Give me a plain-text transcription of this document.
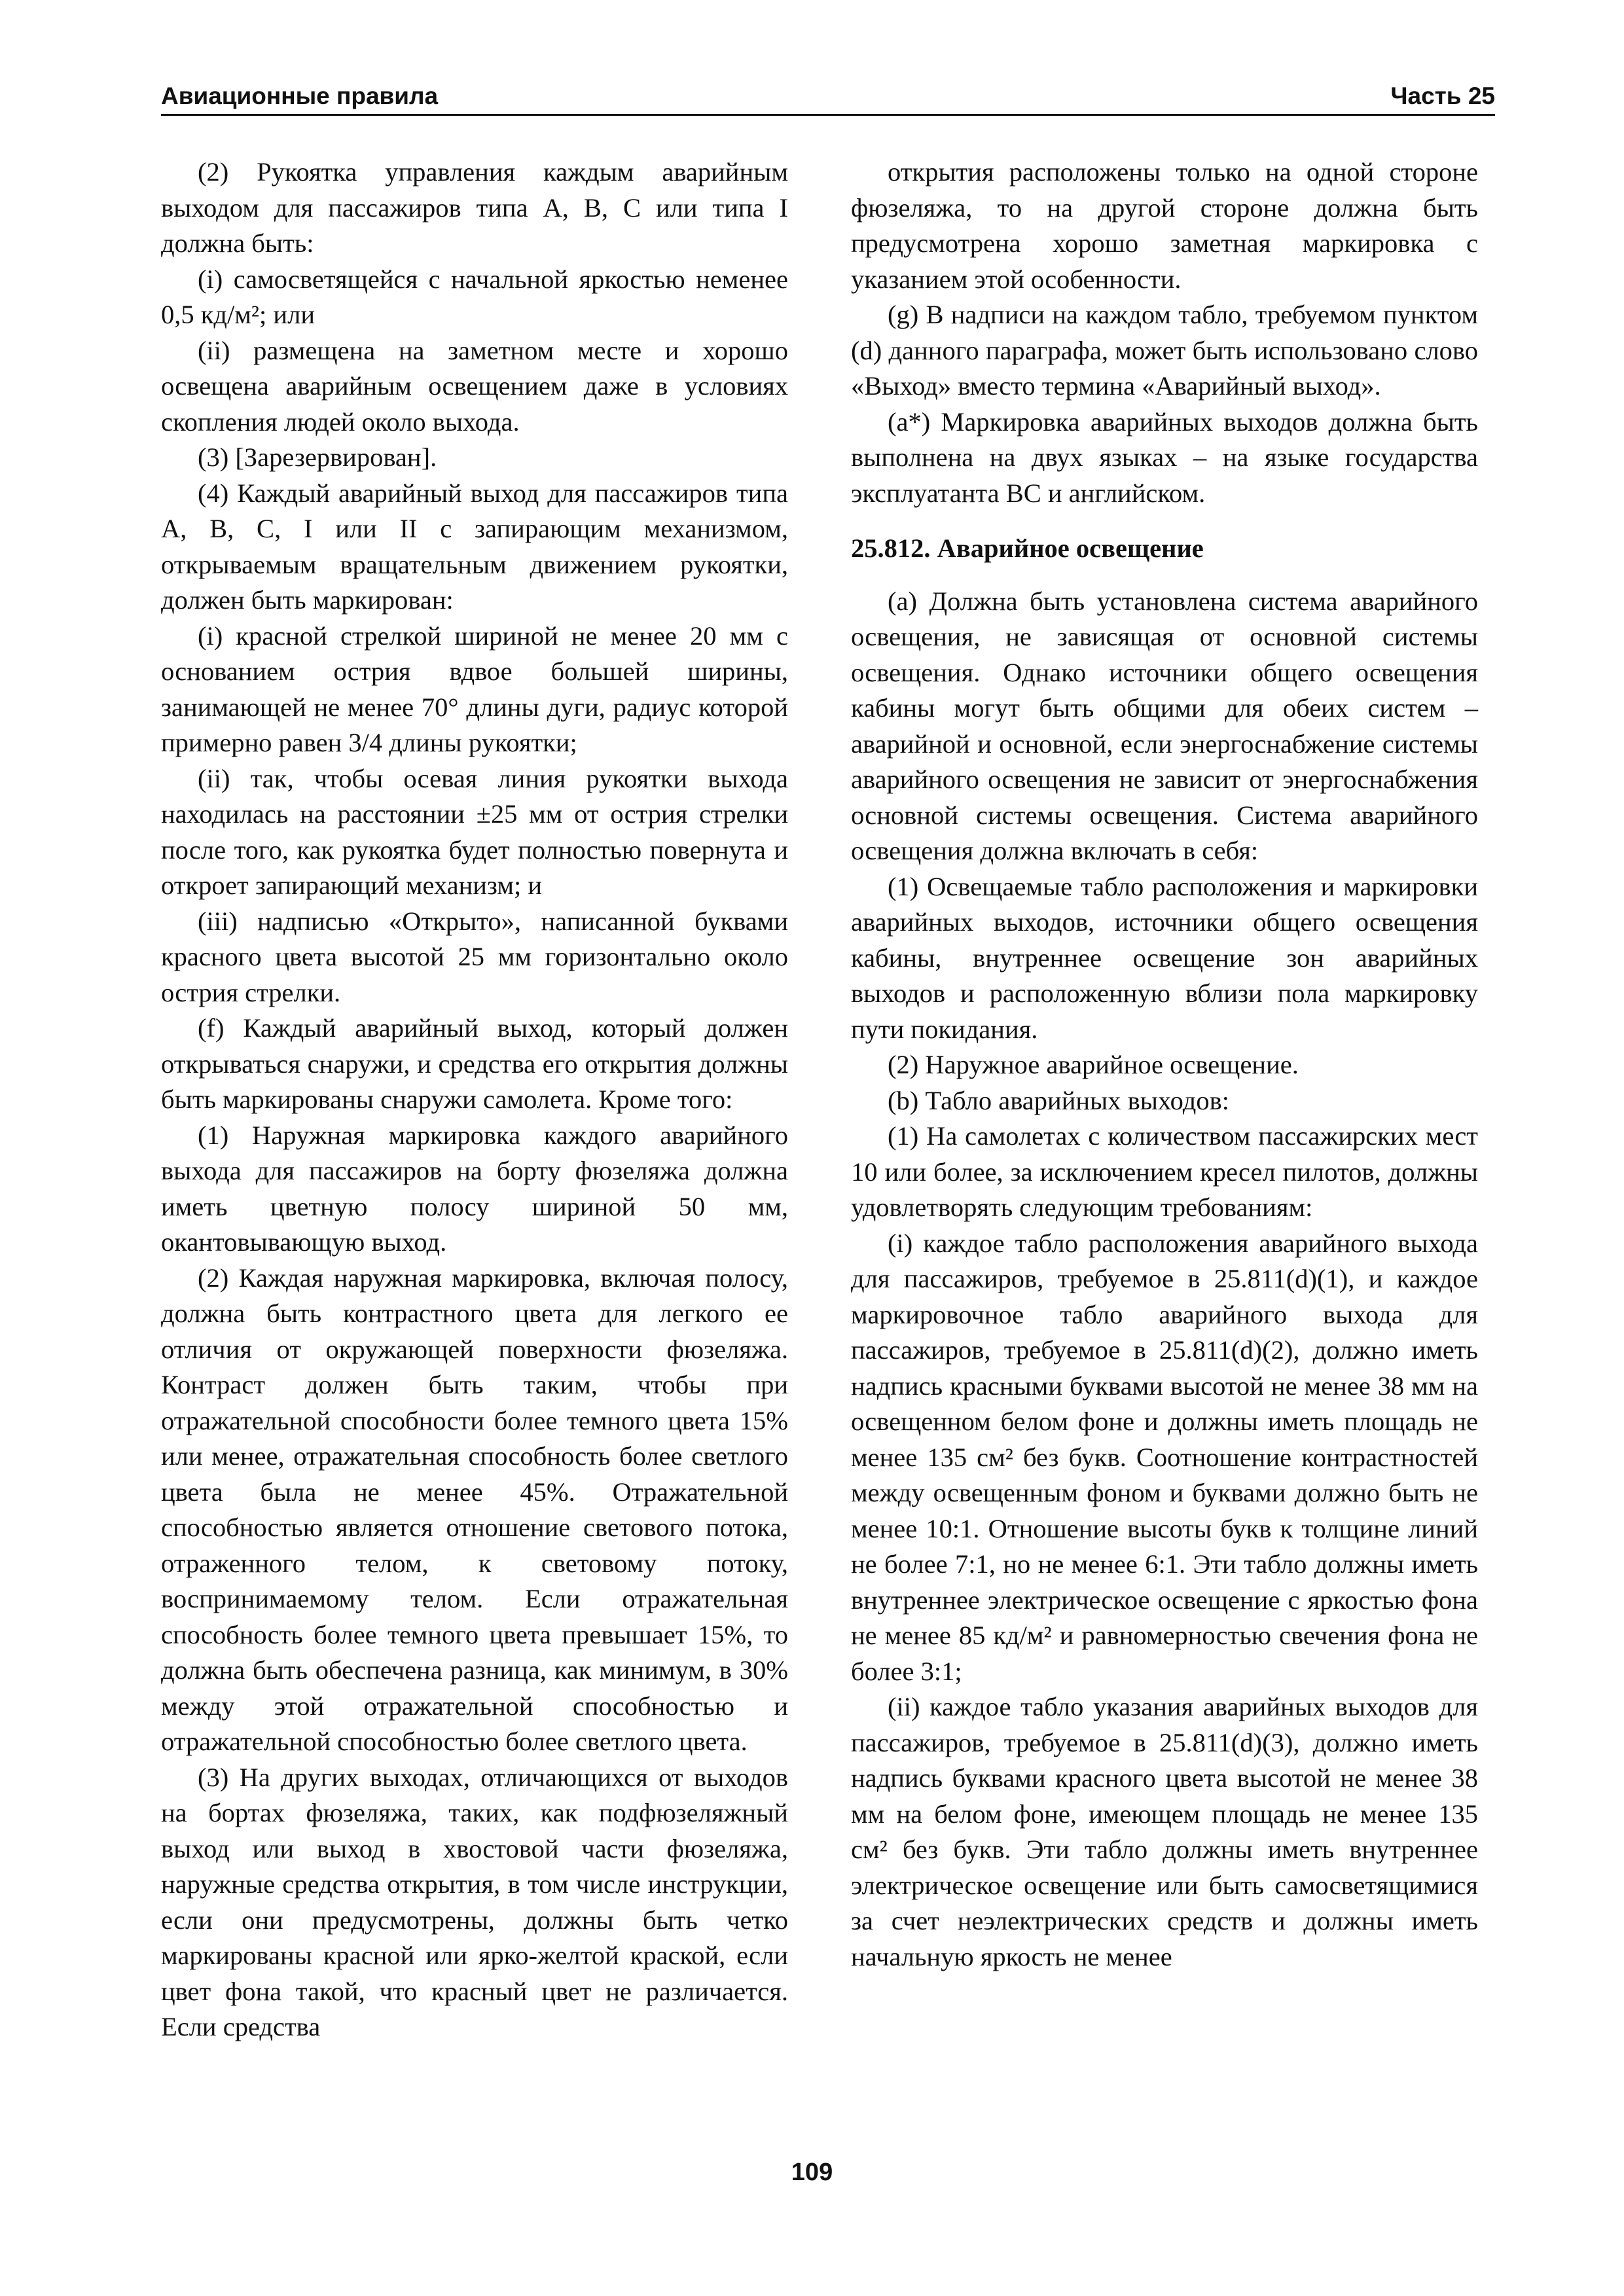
Авиационные правила	Часть 25

(2) Рукоятка управления каждым аварийным выходом для пассажиров типа А, В, С или типа I должна быть:

(i) самосветящейся с начальной яркостью неменее 0,5 кд/м²; или

(ii) размещена на заметном месте и хорошо освещена аварийным освещением даже в условиях скопления людей около выхода.

(3) [Зарезервирован].

(4) Каждый аварийный выход для пассажиров типа А, В, С, I или II с запирающим механизмом, открываемым вращательным движением рукоятки, должен быть маркирован:

(i) красной стрелкой шириной не менее 20 мм с основанием острия вдвое большей ширины, занимающей не менее 70° длины дуги, радиус которой примерно равен 3/4 длины рукоятки;

(ii) так, чтобы осевая линия рукоятки выхода находилась на расстоянии ±25 мм от острия стрелки после того, как рукоятка будет полностью повернута и откроет запирающий механизм; и

(iii) надписью «Открыто», написанной буквами красного цвета высотой 25 мм горизонтально около острия стрелки.

(f) Каждый аварийный выход, который должен открываться снаружи, и средства его открытия должны быть маркированы снаружи самолета. Кроме того:

(1) Наружная маркировка каждого аварийного выхода для пассажиров на борту фюзеляжа должна иметь цветную полосу шириной 50 мм, окантовывающую выход.

(2) Каждая наружная маркировка, включая полосу, должна быть контрастного цвета для легкого ее отличия от окружающей поверхности фюзеляжа. Контраст должен быть таким, чтобы при отражательной способности более темного цвета 15% или менее, отражательная способность более светлого цвета была не менее 45%. Отражательной способностью является отношение светового потока, отраженного телом, к световому потоку, воспринимаемому телом. Если отражательная способность более темного цвета превышает 15%, то должна быть обеспечена разница, как минимум, в 30% между этой отражательной способностью и отражательной способностью более светлого цвета.

(3) На других выходах, отличающихся от выходов на бортах фюзеляжа, таких, как подфюзеляжный выход или выход в хвостовой части фюзеляжа, наружные средства открытия, в том числе инструкции, если они предусмотрены, должны быть четко маркированы красной или ярко-желтой краской, если цвет фона такой, что красный цвет не различается. Если средства

открытия расположены только на одной стороне фюзеляжа, то на другой стороне должна быть предусмотрена хорошо заметная маркировка с указанием этой особенности.

(g) В надписи на каждом табло, требуемом пунктом (d) данного параграфа, может быть использовано слово «Выход» вместо термина «Аварийный выход».

(a*) Маркировка аварийных выходов должна быть выполнена на двух языках – на языке государства эксплуатанта ВС и английском.

25.812. Аварийное освещение

(a) Должна быть установлена система аварийного освещения, не зависящая от основной системы освещения. Однако источники общего освещения кабины могут быть общими для обеих систем – аварийной и основной, если энергоснабжение системы аварийного освещения не зависит от энергоснабжения основной системы освещения. Система аварийного освещения должна включать в себя:

(1) Освещаемые табло расположения и маркировки аварийных выходов, источники общего освещения кабины, внутреннее освещение зон аварийных выходов и расположенную вблизи пола маркировку пути покидания.

(2) Наружное аварийное освещение.

(b) Табло аварийных выходов:

(1) На самолетах с количеством пассажирских мест 10 или более, за исключением кресел пилотов, должны удовлетворять следующим требованиям:

(i) каждое табло расположения аварийного выхода для пассажиров, требуемое в 25.811(d)(1), и каждое маркировочное табло аварийного выхода для пассажиров, требуемое в 25.811(d)(2), должно иметь надпись красными буквами высотой не менее 38 мм на освещенном белом фоне и должны иметь площадь не менее 135 см² без букв. Соотношение контрастностей между освещенным фоном и буквами должно быть не менее 10:1. Отношение высоты букв к толщине линий не более 7:1, но не менее 6:1. Эти табло должны иметь внутреннее электрическое освещение с яркостью фона не менее 85 кд/м² и равномерностью свечения фона не более 3:1;

(ii) каждое табло указания аварийных выходов для пассажиров, требуемое в 25.811(d)(3), должно иметь надпись буквами красного цвета высотой не менее 38 мм на белом фоне, имеющем площадь не менее 135 см² без букв. Эти табло должны иметь внутреннее электрическое освещение или быть самосветящимися за счет неэлектрических средств и должны иметь начальную яркость не менее

109
